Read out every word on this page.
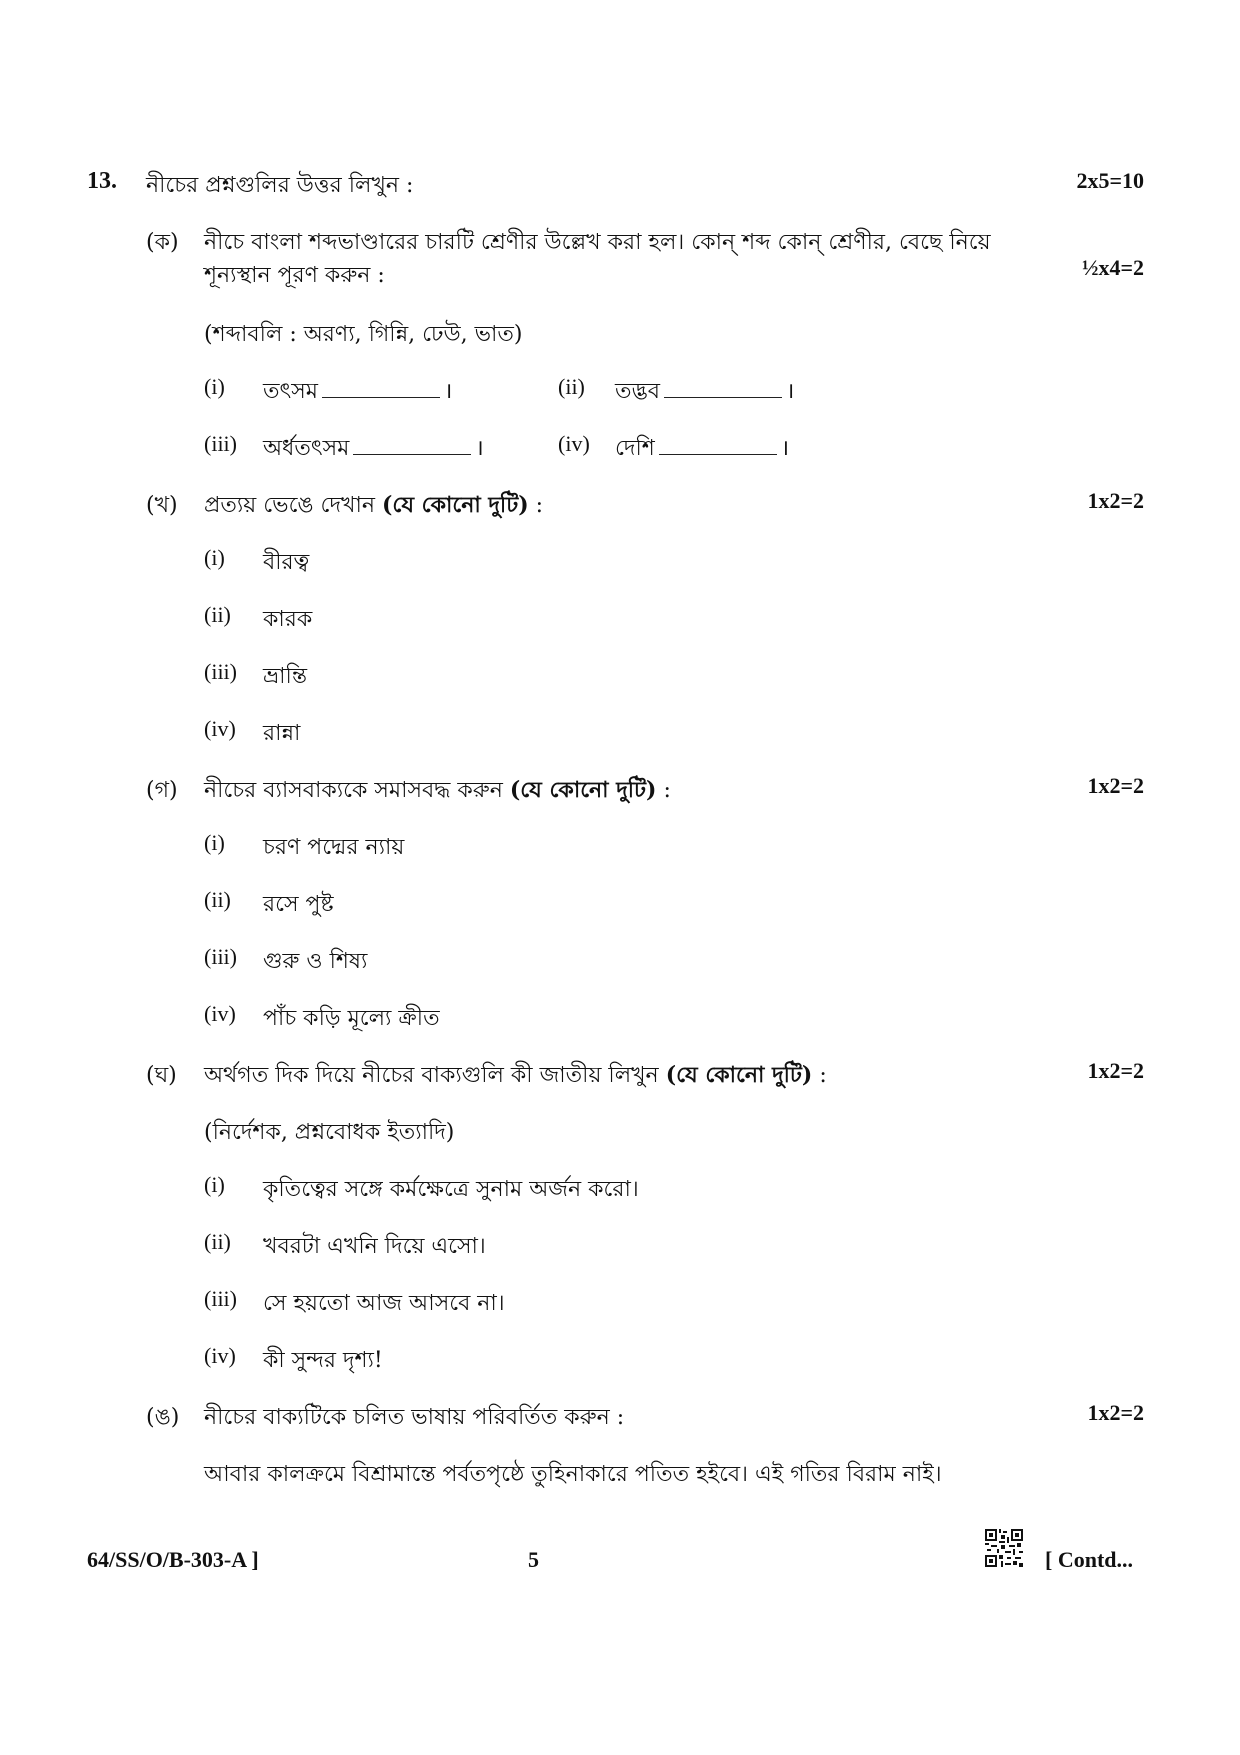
13. নীচের প্রশ্নগুলির উত্তর লিখুন :	2x5=10
(ক) নীচে বাংলা শব্দভাণ্ডারের চারটি শ্রেণীর উল্লেখ করা হল। কোন্ শব্দ কোন্ শ্রেণীর, বেছে নিয়ে
শূন্যস্থান পূরণ করুন :	½x4=2
(শব্দাবলি : অরণ্য, গিন্নি, ঢেউ, ভাত)
(i) তৎসম	।	(ii) তদ্ভব	।
(iii) অর্ধতৎসম	।	(iv) দেশি	।
(খ) প্রত্যয় ভেঙে দেখান (যে কোনো দুটি) :	1x2=2
(i) বীরত্ব
(ii) কারক
(iii) ভ্রান্তি
(iv) রান্না
(গ) নীচের ব্যাসবাক্যকে সমাসবদ্ধ করুন (যে কোনো দুটি) :	1x2=2
(i) চরণ পদ্মের ন্যায়
(ii) রসে পুষ্ট
(iii) গুরু ও শিষ্য
(iv) পাঁচ কড়ি মূল্যে ক্রীত
(ঘ) অর্থগত দিক দিয়ে নীচের বাক্যগুলি কী জাতীয় লিখুন (যে কোনো দুটি) :	1x2=2
(নির্দেশক, প্রশ্নবোধক ইত্যাদি)
(i) কৃতিত্বের সঙ্গে কর্মক্ষেত্রে সুনাম অর্জন করো।
(ii) খবরটা এখনি দিয়ে এসো।
(iii) সে হয়তো আজ আসবে না।
(iv) কী সুন্দর দৃশ্য!
(ঙ) নীচের বাক্যটিকে চলিত ভাষায় পরিবর্তিত করুন :	1x2=2
আবার কালক্রমে বিশ্রামান্তে পর্বতপৃষ্ঠে তুহিনাকারে পতিত হইবে। এই গতির বিরাম নাই।
64/SS/O/B-303-A ]	5	[ Contd...
